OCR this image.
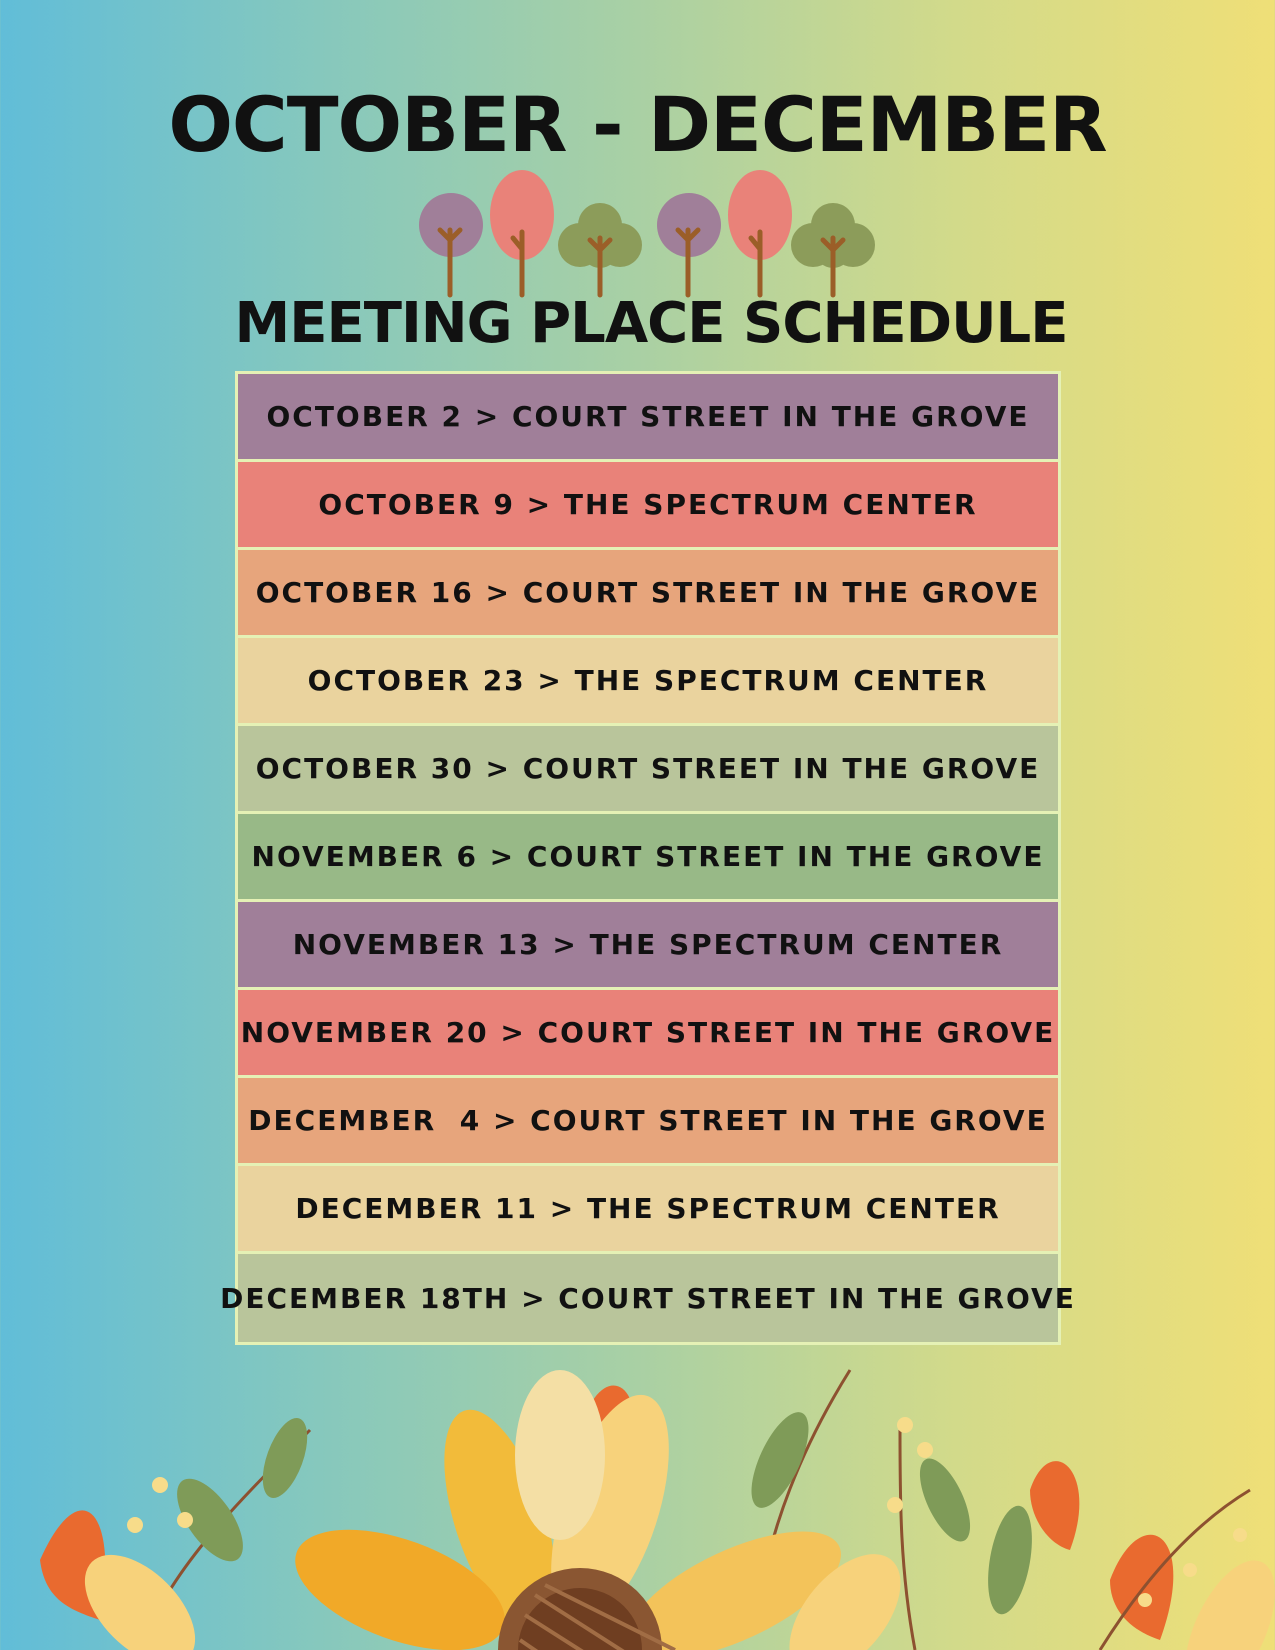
OCTOBER - DECEMBER
MEETING PLACE SCHEDULE
OCTOBER 2 > COURT STREET IN THE GROVE
OCTOBER 9 > THE SPECTRUM CENTER
OCTOBER 16 > COURT STREET IN THE GROVE
OCTOBER 23 > THE SPECTRUM CENTER
OCTOBER 30 > COURT STREET IN THE GROVE
NOVEMBER 6 > COURT STREET IN THE GROVE
NOVEMBER 13 > THE SPECTRUM CENTER
NOVEMBER 20 > COURT STREET IN THE GROVE
DECEMBER  4 > COURT STREET IN THE GROVE
DECEMBER 11 > THE SPECTRUM CENTER
DECEMBER 18TH > COURT STREET IN THE GROVE
